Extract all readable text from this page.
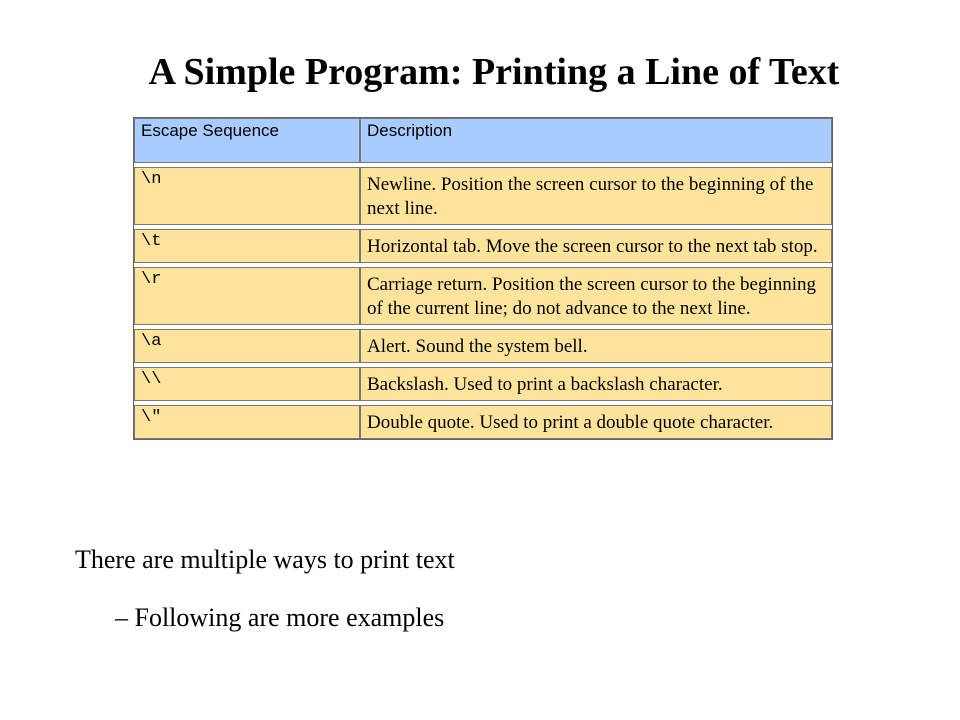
A Simple Program: Printing a Line of Text
Escape Sequence	Description

\n	Newline. Position the screen cursor to the beginning of the next line.

\t	Horizontal tab. Move the screen cursor to the next tab stop.

\r	Carriage return. Position the screen cursor to the beginning of the current line; do not advance to the next line.

\a	Alert. Sound the system bell.

\\	Backslash. Used to print a backslash character.

\"	Double quote. Used to print a double quote character.
There are multiple ways to print text
– Following are more examples
